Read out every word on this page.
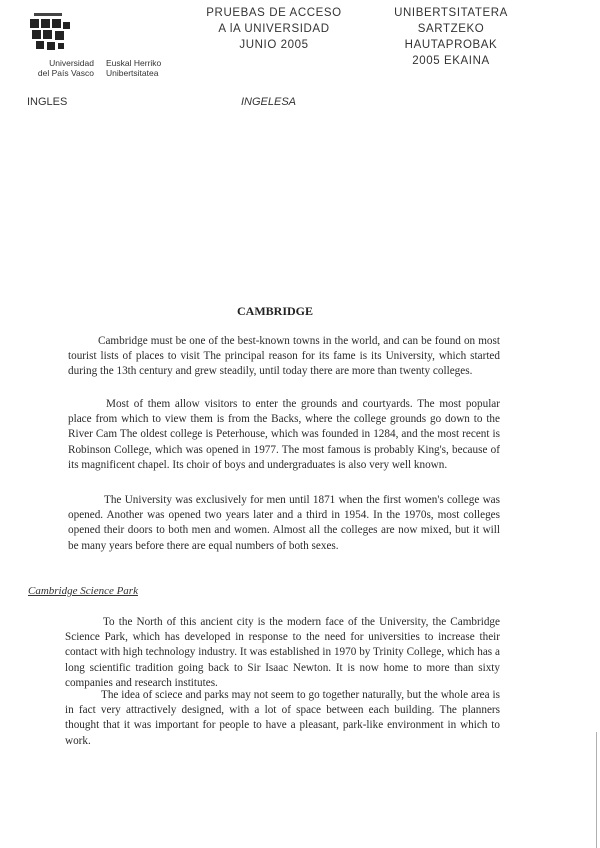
Universidad
del País Vasco
Euskal Herriko
Unibertsitatea
PRUEBAS DE ACCESO
A lA UNIVERSIDAD
JUNIO 2005
UNIBERTSITATERA
SARTZEKO
HAUTAPROBAK
2005 EKAINA
INGLES	INGELESA
CAMBRIDGE
Cambridge must be one of the best-known towns in the world, and can be found on most tourist lists of places to visit The principal reason for its fame is its University, which started during the 13th century and grew steadily, until today there are more than twenty colleges.
Most of them allow visitors to enter the grounds and courtyards. The most popular place from which to view them is from the Backs, where the college grounds go down to the River Cam The oldest college is Peterhouse, which was founded in 1284, and the most recent is Robinson College, which was opened in 1977. The most famous is probably King's, because of its magnificent chapel. Its choir of boys and undergraduates is also very well known.
The University was exclusively for men until 1871 when the first women's college was opened. Another was opened two years later and a third in 1954. In the 1970s, most colleges opened their doors to both men and women. Almost all the colleges are now mixed, but it will be many years before there are equal numbers of both sexes.
Cambridge Science Park
To the North of this ancient city is the modern face of the University, the Cambridge Science Park, which has developed in response to the need for universities to increase their contact with high technology industry. It was established in 1970 by Trinity College, which has a long scientific tradition going back to Sir Isaac Newton. It is now home to more than sixty companies and research institutes.
The idea of sciece and parks may not seem to go together naturally, but the whole area is in fact very attractively designed, with a lot of space between each building. The planners thought that it was important for people to have a pleasant, park-like environment in which to work.
